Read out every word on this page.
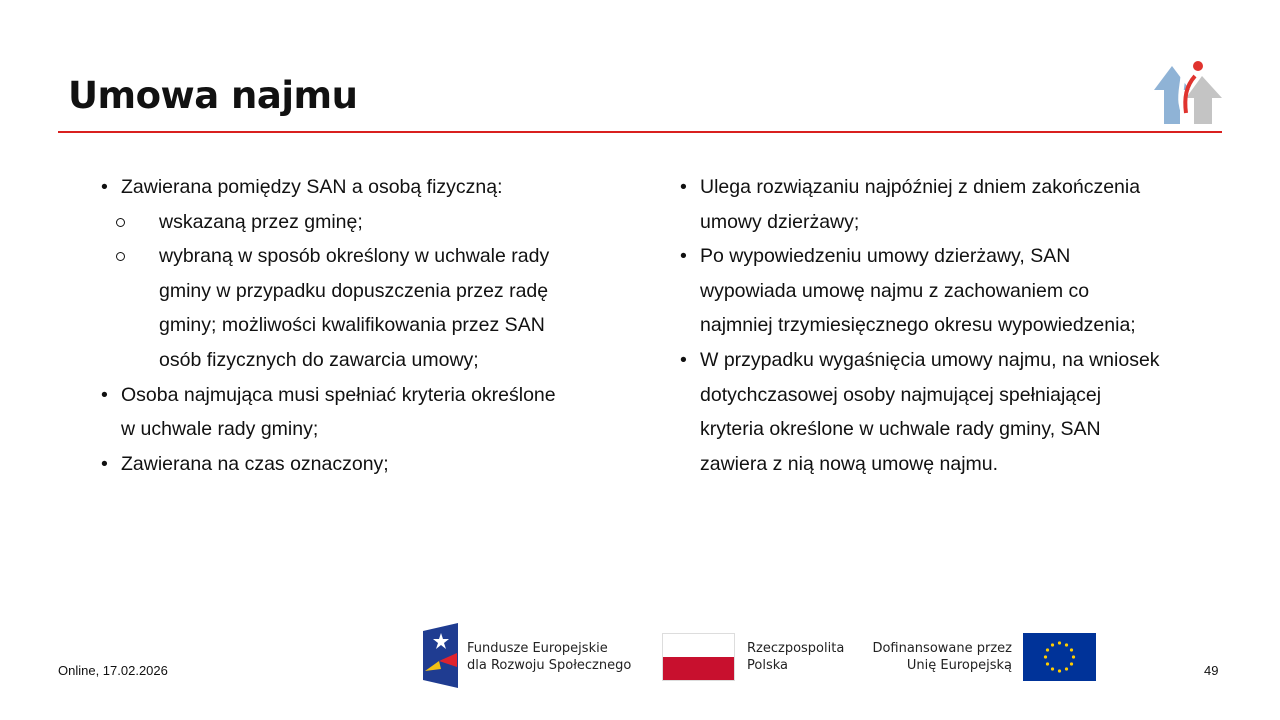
Umowa najmu
• Zawierana pomiędzy SAN a osobą fizyczną:
wskazaną przez gminę;
wybraną w sposób określony w uchwale rady gminy w przypadku dopuszczenia przez radę gminy; możliwości kwalifikowania przez SAN osób fizycznych do zawarcia umowy;
• Osoba najmująca musi spełniać kryteria określone w uchwale rady gminy;
• Zawierana na czas oznaczony;
• Ulega rozwiązaniu najpóźniej z dniem zakończenia umowy dzierżawy;
• Po wypowiedzeniu umowy dzierżawy, SAN wypowiada umowę najmu z zachowaniem co najmniej trzymiesięcznego okresu wypowiedzenia;
• W przypadku wygaśnięcia umowy najmu, na wniosek dotychczasowej osoby najmującej spełniającej kryteria określone w uchwale rady gminy, SAN zawiera z nią nową umowę najmu.
Online, 17.02.2026	49
Fundusze Europejskie
dla Rozwoju Społecznego
Rzeczpospolita
Polska
Dofinansowane przez
Unię Europejską
